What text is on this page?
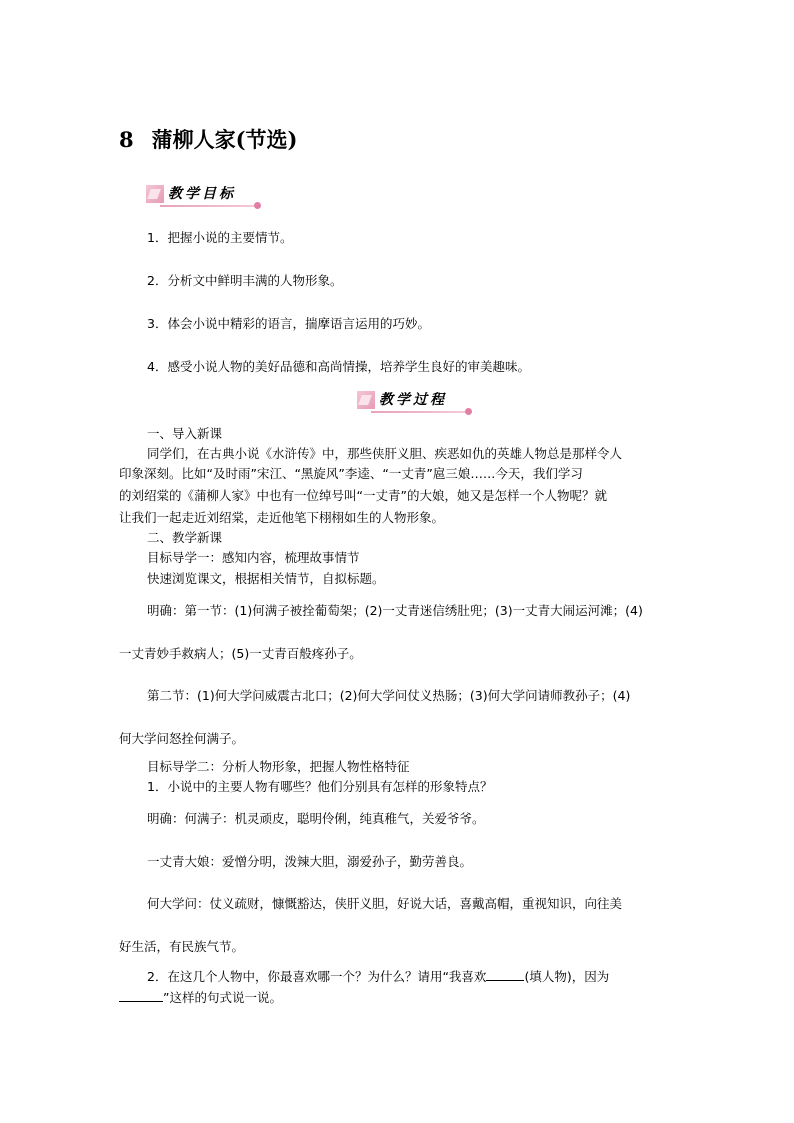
8 蒲柳人家(节选)
教学目标
1．把握小说的主要情节。
2．分析文中鲜明丰满的人物形象。
3．体会小说中精彩的语言，揣摩语言运用的巧妙。
4．感受小说人物的美好品德和高尚情操，培养学生良好的审美趣味。
教学过程
一、导入新课
同学们，在古典小说《水浒传》中，那些侠肝义胆、疾恶如仇的英雄人物总是那样令人
印象深刻。比如“及时雨”宋江、“黑旋风”李逵、“一丈青”扈三娘……今天，我们学习
的刘绍棠的《蒲柳人家》中也有一位绰号叫“一丈青”的大娘，她又是怎样一个人物呢？就
让我们一起走近刘绍棠，走近他笔下栩栩如生的人物形象。
二、教学新课
目标导学一：感知内容，梳理故事情节
快速浏览课文，根据相关情节，自拟标题。
明确：第一节：(1)何满子被拴葡萄架；(2)一丈青迷信绣肚兜；(3)一丈青大闹运河滩；(4)
一丈青妙手救病人；(5)一丈青百般疼孙子。
第二节：(1)何大学问威震古北口；(2)何大学问仗义热肠；(3)何大学问请师教孙子；(4)
何大学问怒拴何满子。
目标导学二：分析人物形象，把握人物性格特征
1．小说中的主要人物有哪些？他们分别具有怎样的形象特点？
明确：何满子：机灵顽皮，聪明伶俐，纯真稚气，关爱爷爷。
一丈青大娘：爱憎分明，泼辣大胆，溺爱孙子，勤劳善良。
何大学问：仗义疏财，慷慨豁达，侠肝义胆，好说大话，喜戴高帽，重视知识，向往美
好生活，有民族气节。
2．在这几个人物中，你最喜欢哪一个？为什么？请用“我喜欢	(填人物)，因为
”这样的句式说一说。
